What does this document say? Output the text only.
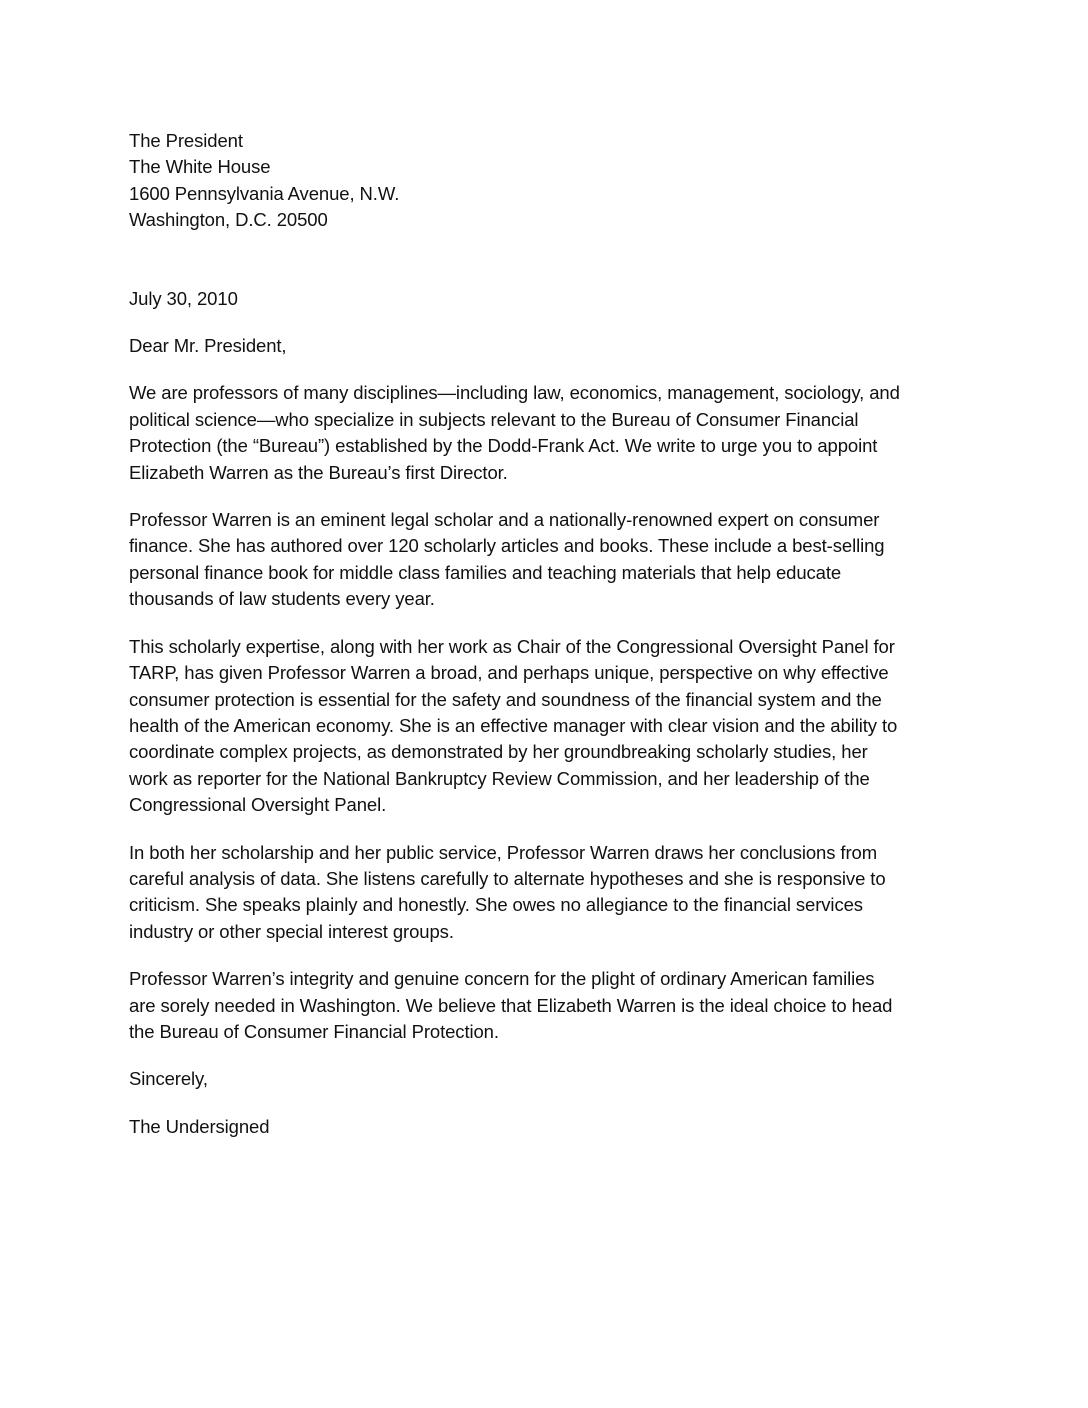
The President
The White House
1600 Pennsylvania Avenue, N.W.
Washington, D.C. 20500
July 30, 2010
Dear Mr. President,
We are professors of many disciplines—including law, economics, management, sociology, and
political science—who specialize in subjects relevant to the Bureau of Consumer Financial
Protection (the “Bureau”) established by the Dodd-Frank Act. We write to urge you to appoint
Elizabeth Warren as the Bureau’s first Director.
Professor Warren is an eminent legal scholar and a nationally-renowned expert on consumer
finance. She has authored over 120 scholarly articles and books. These include a best-selling
personal finance book for middle class families and teaching materials that help educate
thousands of law students every year.
This scholarly expertise, along with her work as Chair of the Congressional Oversight Panel for
TARP, has given Professor Warren a broad, and perhaps unique, perspective on why effective
consumer protection is essential for the safety and soundness of the financial system and the
health of the American economy. She is an effective manager with clear vision and the ability to
coordinate complex projects, as demonstrated by her groundbreaking scholarly studies, her
work as reporter for the National Bankruptcy Review Commission, and her leadership of the
Congressional Oversight Panel.
In both her scholarship and her public service, Professor Warren draws her conclusions from
careful analysis of data. She listens carefully to alternate hypotheses and she is responsive to
criticism. She speaks plainly and honestly. She owes no allegiance to the financial services
industry or other special interest groups.
Professor Warren’s integrity and genuine concern for the plight of ordinary American families
are sorely needed in Washington. We believe that Elizabeth Warren is the ideal choice to head
the Bureau of Consumer Financial Protection.
Sincerely,
The Undersigned
